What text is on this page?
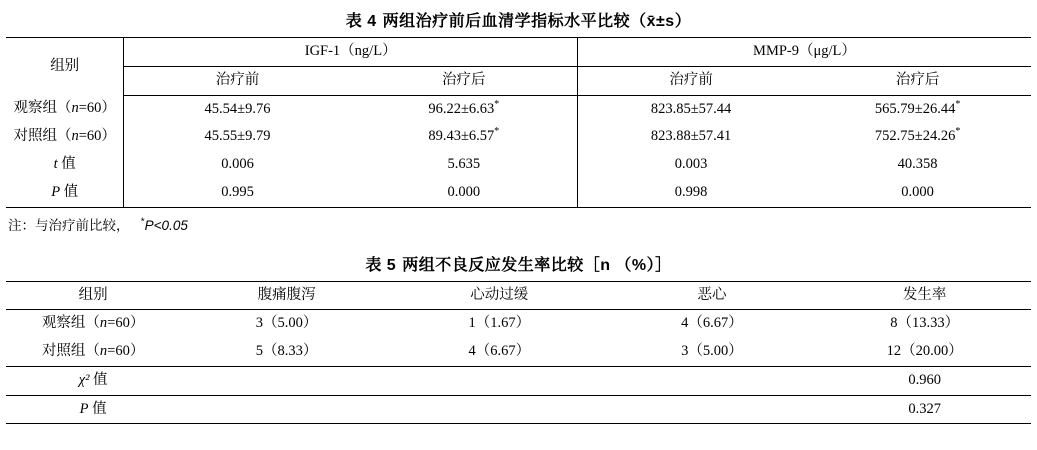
表 4 两组治疗前后血清学指标水平比较（x̄±s）
组别	IGF-1（ng/L）		MMP-9（μg/L）	
	治疗前	治疗后	治疗前	治疗后
观察组（n=60）	45.54±9.76	96.22±6.63*	823.85±57.44	565.79±26.44*
对照组（n=60）	45.55±9.79	89.43±6.57*	823.88±57.41	752.75±24.26*
t 值	0.006	5.635	0.003	40.358
P 值	0.995	0.000	0.998	0.000
注：与治疗前比较， *P<0.05
表 5 两组不良反应发生率比较［n （%）］
组别	腹痛腹泻	心动过缓	恶心	发生率
观察组（n=60）	3（5.00）	1（1.67）	4（6.67）	8（13.33）
对照组（n=60）	5（8.33）	4（6.67）	3（5.00）	12（20.00）
χ² 值				0.960
P 值				0.327
